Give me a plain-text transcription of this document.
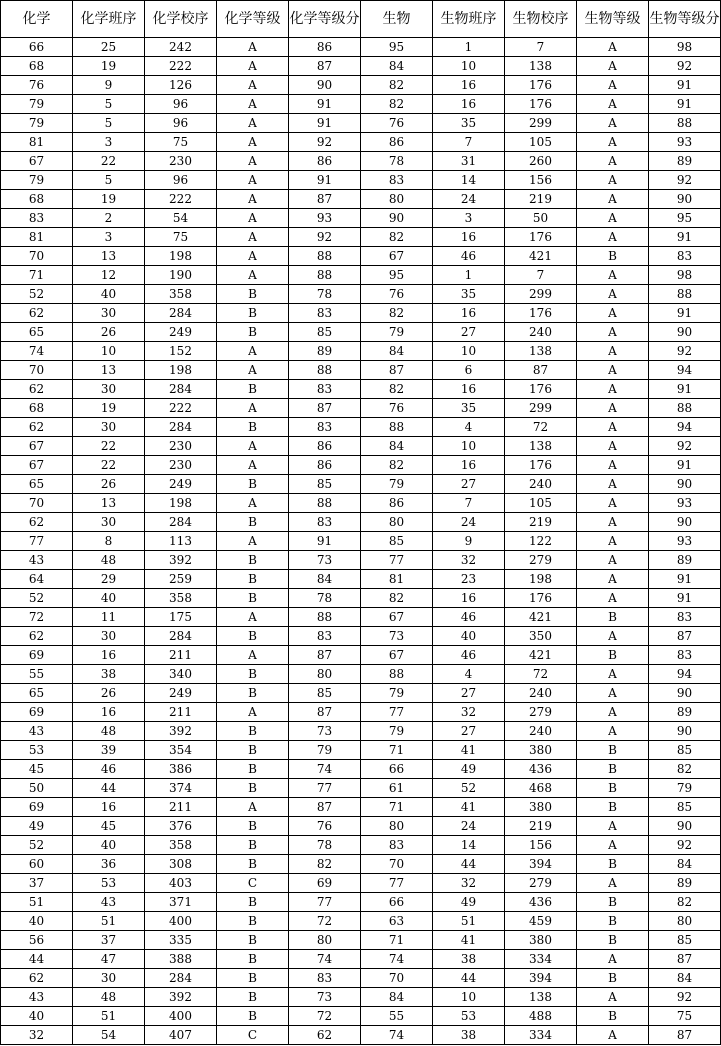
化学	化学班序	化学校序	化学等级	化学等级分	生物	生物班序	生物校序	生物等级	生物等级分
66	25	242	A	86	95	1	7	A	98
68	19	222	A	87	84	10	138	A	92
76	9	126	A	90	82	16	176	A	91
79	5	96	A	91	82	16	176	A	91
79	5	96	A	91	76	35	299	A	88
81	3	75	A	92	86	7	105	A	93
67	22	230	A	86	78	31	260	A	89
79	5	96	A	91	83	14	156	A	92
68	19	222	A	87	80	24	219	A	90
83	2	54	A	93	90	3	50	A	95
81	3	75	A	92	82	16	176	A	91
70	13	198	A	88	67	46	421	B	83
71	12	190	A	88	95	1	7	A	98
52	40	358	B	78	76	35	299	A	88
62	30	284	B	83	82	16	176	A	91
65	26	249	B	85	79	27	240	A	90
74	10	152	A	89	84	10	138	A	92
70	13	198	A	88	87	6	87	A	94
62	30	284	B	83	82	16	176	A	91
68	19	222	A	87	76	35	299	A	88
62	30	284	B	83	88	4	72	A	94
67	22	230	A	86	84	10	138	A	92
67	22	230	A	86	82	16	176	A	91
65	26	249	B	85	79	27	240	A	90
70	13	198	A	88	86	7	105	A	93
62	30	284	B	83	80	24	219	A	90
77	8	113	A	91	85	9	122	A	93
43	48	392	B	73	77	32	279	A	89
64	29	259	B	84	81	23	198	A	91
52	40	358	B	78	82	16	176	A	91
72	11	175	A	88	67	46	421	B	83
62	30	284	B	83	73	40	350	A	87
69	16	211	A	87	67	46	421	B	83
55	38	340	B	80	88	4	72	A	94
65	26	249	B	85	79	27	240	A	90
69	16	211	A	87	77	32	279	A	89
43	48	392	B	73	79	27	240	A	90
53	39	354	B	79	71	41	380	B	85
45	46	386	B	74	66	49	436	B	82
50	44	374	B	77	61	52	468	B	79
69	16	211	A	87	71	41	380	B	85
49	45	376	B	76	80	24	219	A	90
52	40	358	B	78	83	14	156	A	92
60	36	308	B	82	70	44	394	B	84
37	53	403	C	69	77	32	279	A	89
51	43	371	B	77	66	49	436	B	82
40	51	400	B	72	63	51	459	B	80
56	37	335	B	80	71	41	380	B	85
44	47	388	B	74	74	38	334	A	87
62	30	284	B	83	70	44	394	B	84
43	48	392	B	73	84	10	138	A	92
40	51	400	B	72	55	53	488	B	75
32	54	407	C	62	74	38	334	A	87
